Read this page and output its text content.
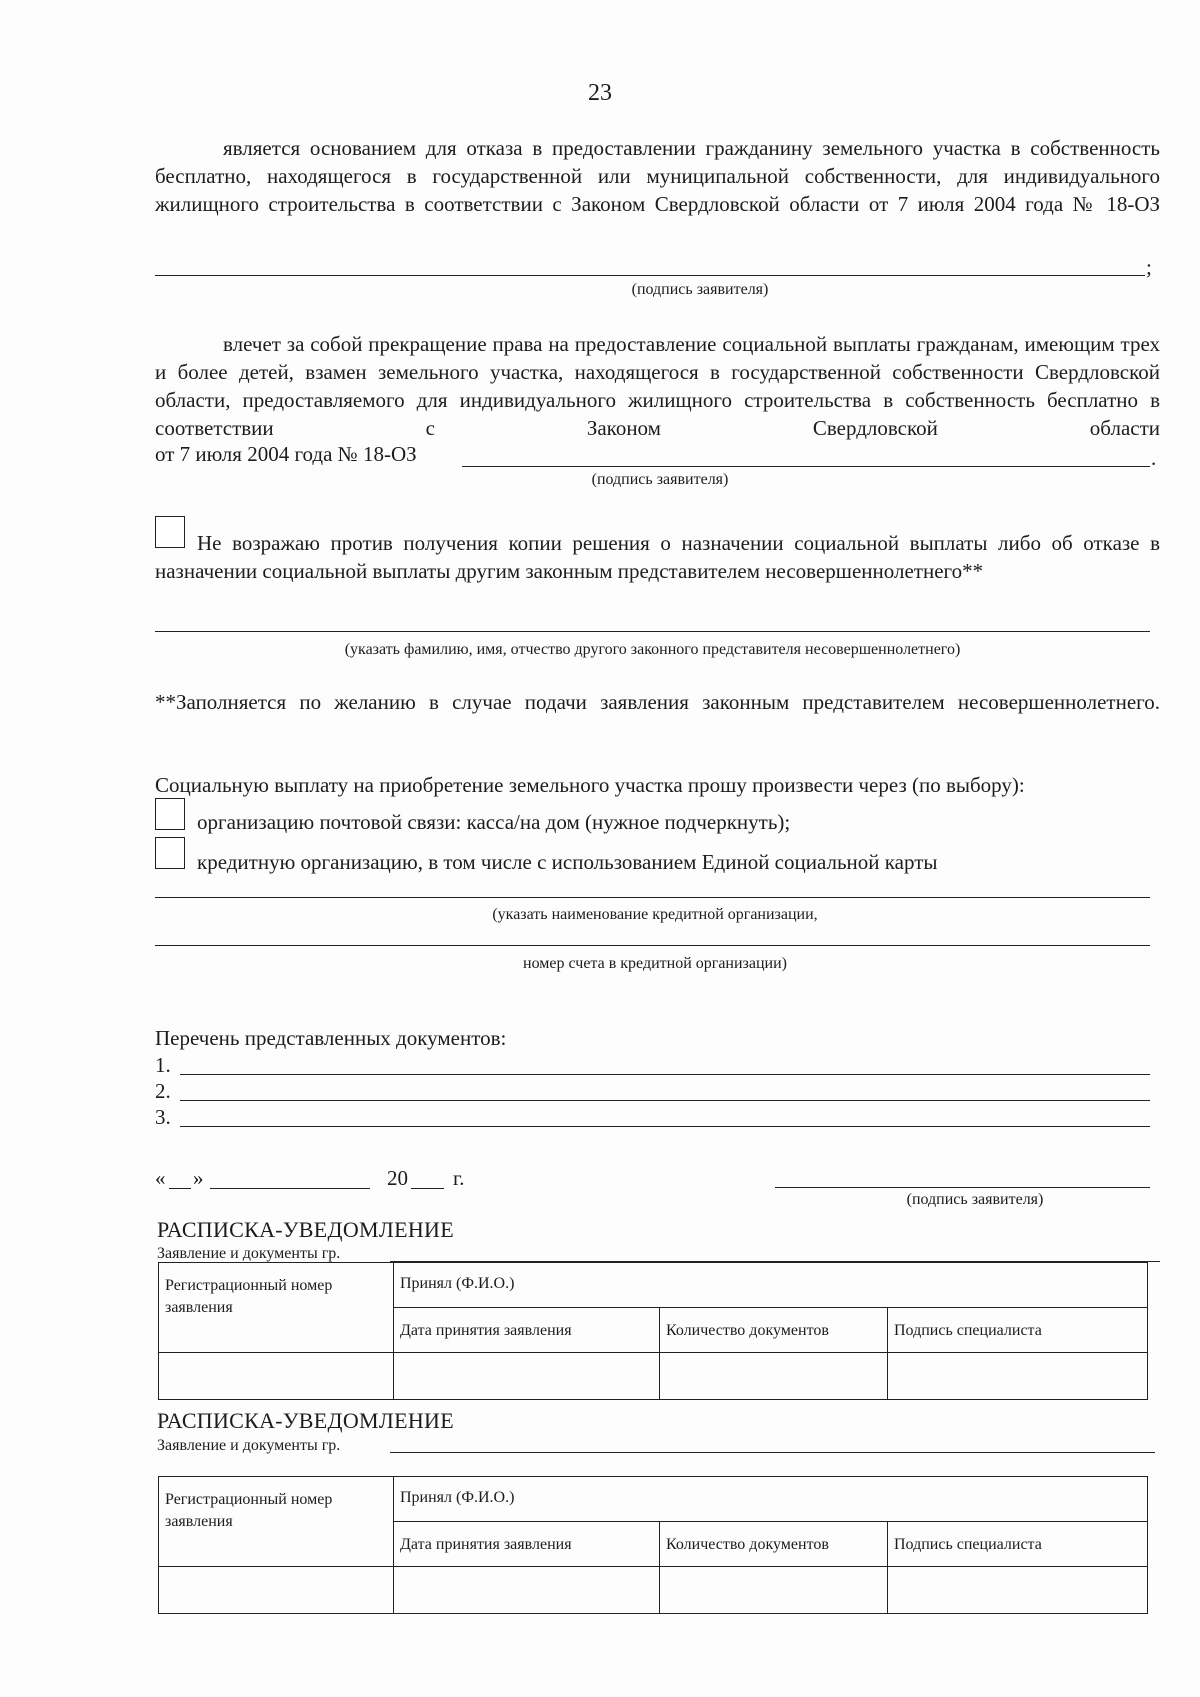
23
является основанием для отказа в предоставлении гражданину земельного участка в собственность бесплатно, находящегося в государственной или муниципальной собственности, для индивидуального жилищного строительства в соответствии с Законом Свердловской области от 7 июля 2004 года № 18-ОЗ
;
(подпись заявителя)
влечет за собой прекращение права на предоставление социальной выплаты гражданам, имеющим трех и более детей, взамен земельного участка, находящегося в государственной собственности Свердловской области, предоставляемого для индивидуального жилищного строительства в собственность бесплатно в соответствии с Законом Свердловской области
от 7 июля 2004 года № 18-ОЗ	.
(подпись заявителя)
Не возражаю против получения копии решения о назначении социальной выплаты либо об отказе в назначении социальной выплаты другим законным представителем несовершеннолетнего**
(указать фамилию, имя, отчество другого законного представителя несовершеннолетнего)
**Заполняется по желанию в случае подачи заявления законным представителем несовершеннолетнего.
Социальную выплату на приобретение земельного участка прошу произвести через (по выбору):
организацию почтовой связи: касса/на дом (нужное подчеркнуть);
кредитную организацию, в том числе с использованием Единой социальной карты
(указать наименование кредитной организации,
номер счета в кредитной организации)
Перечень представленных документов:
1.
2.
3.
« »	20 г.
(подпись заявителя)
РАСПИСКА-УВЕДОМЛЕНИЕ
Заявление и документы гр.
Регистрационный номер заявления	Принял (Ф.И.О.)		
	Дата принятия заявления	Количество документов	Подпись специалиста

РАСПИСКА-УВЕДОМЛЕНИЕ
Заявление и документы гр.
Регистрационный номер заявления	Принял (Ф.И.О.)		
	Дата принятия заявления	Количество документов	Подпись специалиста
